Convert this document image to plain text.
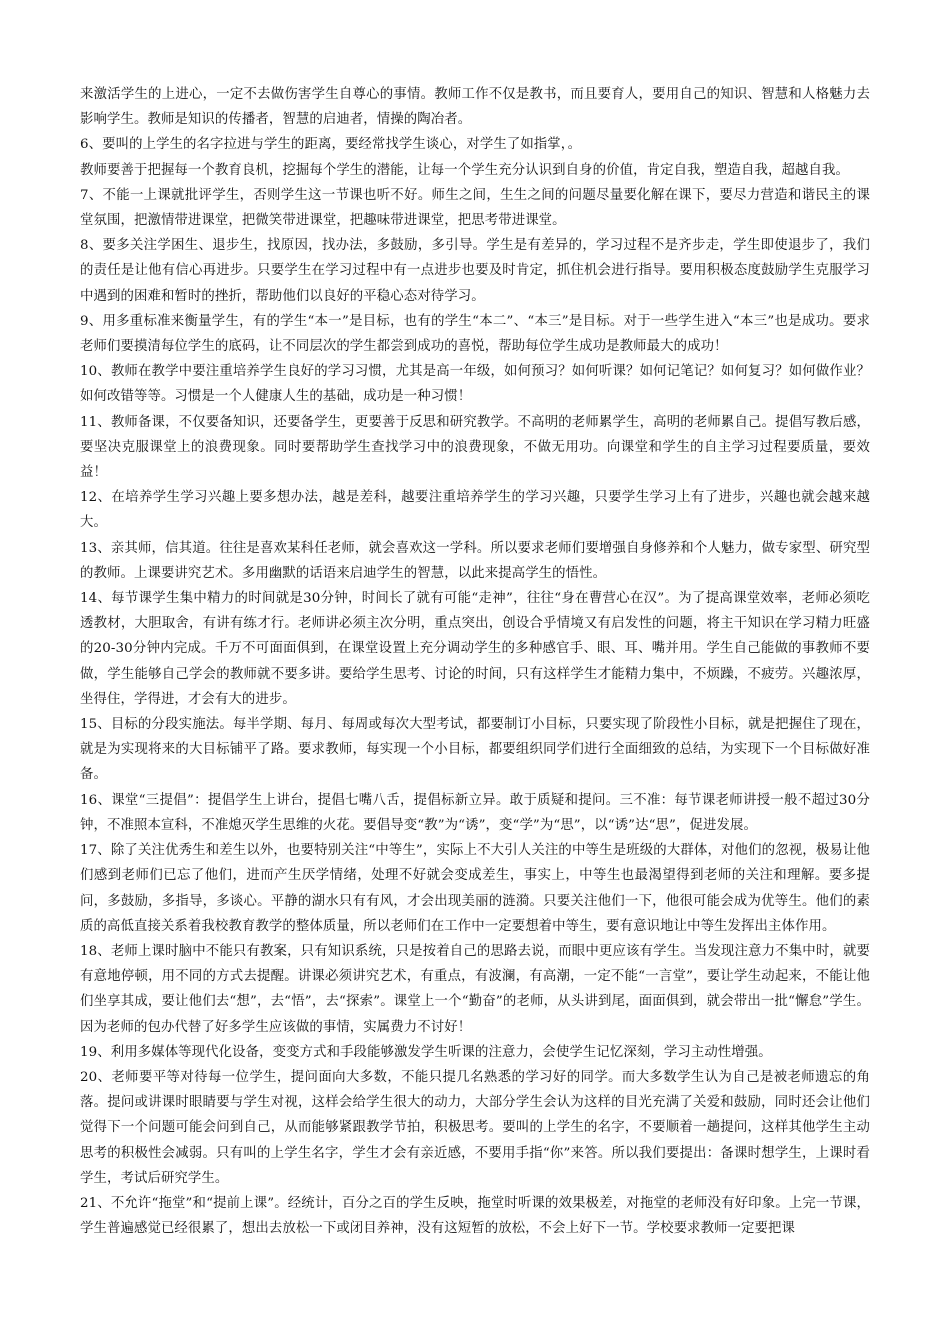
来激活学生的上进心，一定不去做伤害学生自尊心的事情。教师工作不仅是教书，而且要育人，要用自己的知识、智慧和人格魅力去影响学生。教师是知识的传播者，智慧的启迪者，情操的陶冶者。

6、要叫的上学生的名字拉进与学生的距离，要经常找学生谈心，对学生了如指掌，。

教师要善于把握每一个教育良机，挖掘每个学生的潜能，让每一个学生充分认识到自身的价值，肯定自我，塑造自我，超越自我。

7、不能一上课就批评学生，否则学生这一节课也听不好。师生之间，生生之间的问题尽量要化解在课下，要尽力营造和谐民主的课堂氛围，把激情带进课堂，把微笑带进课堂，把趣味带进课堂，把思考带进课堂。

8、要多关注学困生、退步生，找原因，找办法，多鼓励，多引导。学生是有差异的，学习过程不是齐步走，学生即使退步了，我们的责任是让他有信心再进步。只要学生在学习过程中有一点进步也要及时肯定，抓住机会进行指导。要用积极态度鼓励学生克服学习中遇到的困难和暂时的挫折，帮助他们以良好的平稳心态对待学习。

9、用多重标准来衡量学生，有的学生“本一”是目标，也有的学生“本二”、“本三”是目标。对于一些学生进入“本三”也是成功。要求老师们要摸清每位学生的底码，让不同层次的学生都尝到成功的喜悦，帮助每位学生成功是教师最大的成功！

10、教师在教学中要注重培养学生良好的学习习惯，尤其是高一年级，如何预习？如何听课？如何记笔记？如何复习？如何做作业？如何改错等等。习惯是一个人健康人生的基础，成功是一种习惯！

11、教师备课，不仅要备知识，还要备学生，更要善于反思和研究教学。不高明的老师累学生，高明的老师累自己。提倡写教后感，要坚决克服课堂上的浪费现象。同时要帮助学生查找学习中的浪费现象，不做无用功。向课堂和学生的自主学习过程要质量，要效益！

12、在培养学生学习兴趣上要多想办法，越是差科，越要注重培养学生的学习兴趣，只要学生学习上有了进步，兴趣也就会越来越大。

13、亲其师，信其道。往往是喜欢某科任老师，就会喜欢这一学科。所以要求老师们要增强自身修养和个人魅力，做专家型、研究型的教师。上课要讲究艺术。多用幽默的话语来启迪学生的智慧，以此来提高学生的悟性。

14、每节课学生集中精力的时间就是30分钟，时间长了就有可能“走神”，往往“身在曹营心在汉”。为了提高课堂效率，老师必须吃透教材，大胆取舍，有讲有练才行。老师讲必须主次分明，重点突出，创设合乎情境又有启发性的问题，将主干知识在学习精力旺盛的20-30分钟内完成。千万不可面面俱到，在课堂设置上充分调动学生的多种感官手、眼、耳、嘴并用。学生自己能做的事教师不要做，学生能够自己学会的教师就不要多讲。要给学生思考、讨论的时间，只有这样学生才能精力集中，不烦躁，不疲劳。兴趣浓厚，坐得住，学得进，才会有大的进步。

15、目标的分段实施法。每半学期、每月、每周或每次大型考试，都要制订小目标，只要实现了阶段性小目标，就是把握住了现在，就是为实现将来的大目标铺平了路。要求教师，每实现一个小目标，都要组织同学们进行全面细致的总结，为实现下一个目标做好准备。

16、课堂“三提倡”：提倡学生上讲台，提倡七嘴八舌，提倡标新立异。敢于质疑和提问。三不准：每节课老师讲授一般不超过30分钟，不准照本宣科，不准熄灭学生思维的火花。要倡导变“教”为“诱”，变“学”为“思”，以“诱”达“思”，促进发展。

17、除了关注优秀生和差生以外，也要特别关注“中等生”，实际上不大引人关注的中等生是班级的大群体，对他们的忽视，极易让他们感到老师们已忘了他们，进而产生厌学情绪，处理不好就会变成差生，事实上，中等生也最渴望得到老师的关注和理解。要多提问，多鼓励，多指导，多谈心。平静的湖水只有有风，才会出现美丽的涟漪。只要关注他们一下，他很可能会成为优等生。他们的素质的高低直接关系着我校教育教学的整体质量，所以老师们在工作中一定要想着中等生，要有意识地让中等生发挥出主体作用。

18、老师上课时脑中不能只有教案，只有知识系统，只是按着自己的思路去说，而眼中更应该有学生。当发现注意力不集中时，就要有意地停顿，用不同的方式去提醒。讲课必须讲究艺术，有重点，有波澜，有高潮，一定不能“一言堂”，要让学生动起来，不能让他们坐享其成，要让他们去“想”，去“悟”，去“探索”。课堂上一个“勤奋”的老师，从头讲到尾，面面俱到，就会带出一批“懈怠”学生。因为老师的包办代替了好多学生应该做的事情，实属费力不讨好！

19、利用多媒体等现代化设备，变变方式和手段能够激发学生听课的注意力，会使学生记忆深刻，学习主动性增强。

20、老师要平等对待每一位学生，提问面向大多数，不能只提几名熟悉的学习好的同学。而大多数学生认为自己是被老师遗忘的角落。提问或讲课时眼睛要与学生对视，这样会给学生很大的动力，大部分学生会认为这样的目光充满了关爱和鼓励，同时还会让他们觉得下一个问题可能会问到自己，从而能够紧跟教学节拍，积极思考。要叫的上学生的名字，不要顺着一趟提问，这样其他学生主动思考的积极性会减弱。只有叫的上学生名字，学生才会有亲近感，不要用手指“你”来答。所以我们要提出：备课时想学生，上课时看学生，考试后研究学生。

21、不允许“拖堂”和“提前上课”。经统计，百分之百的学生反映，拖堂时听课的效果极差，对拖堂的老师没有好印象。上完一节课，学生普遍感觉已经很累了，想出去放松一下或闭目养神，没有这短暂的放松，不会上好下一节。学校要求教师一定要把课
